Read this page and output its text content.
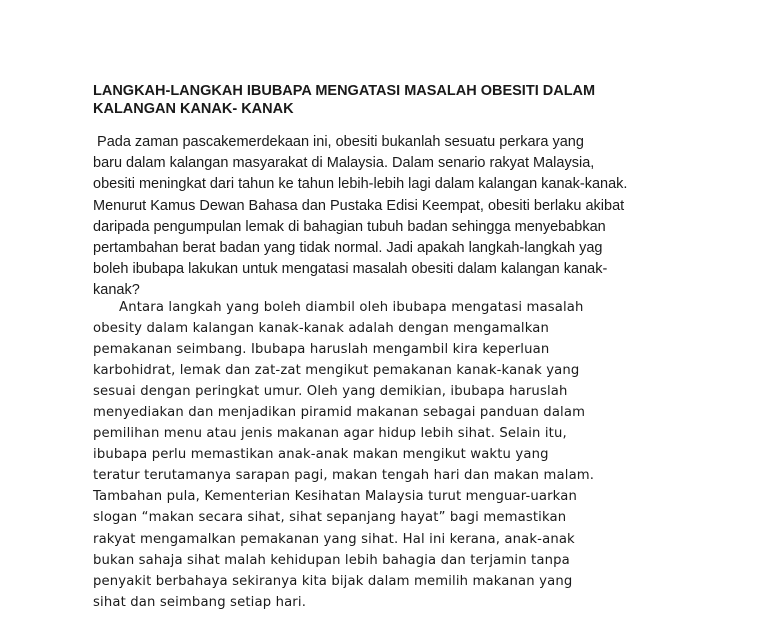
LANGKAH-LANGKAH IBUBAPA MENGATASI MASALAH OBESITI DALAM
KALANGAN KANAK- KANAK

Pada zaman pascakemerdekaan ini, obesiti bukanlah sesuatu perkara yang
baru dalam kalangan masyarakat di Malaysia. Dalam senario rakyat Malaysia,
obesiti meningkat dari tahun ke tahun lebih-lebih lagi dalam kalangan kanak-kanak.
Menurut Kamus Dewan Bahasa dan Pustaka Edisi Keempat, obesiti berlaku akibat
daripada pengumpulan lemak di bahagian tubuh badan sehingga menyebabkan
pertambahan berat badan yang tidak normal. Jadi apakah langkah-langkah yag
boleh ibubapa lakukan untuk mengatasi masalah obesiti dalam kalangan kanak-
kanak?

Antara langkah yang boleh diambil oleh ibubapa mengatasi masalah
obesity dalam kalangan kanak-kanak adalah dengan mengamalkan
pemakanan seimbang. Ibubapa haruslah mengambil kira keperluan
karbohidrat, lemak dan zat-zat mengikut pemakanan kanak-kanak yang
sesuai dengan peringkat umur. Oleh yang demikian, ibubapa haruslah
menyediakan dan menjadikan piramid makanan sebagai panduan dalam
pemilihan menu atau jenis makanan agar hidup lebih sihat. Selain itu,
ibubapa perlu memastikan anak-anak makan mengikut waktu yang
teratur terutamanya sarapan pagi, makan tengah hari dan makan malam.
Tambahan pula, Kementerian Kesihatan Malaysia turut menguar-uarkan
slogan “makan secara sihat, sihat sepanjang hayat” bagi memastikan
rakyat mengamalkan pemakanan yang sihat. Hal ini kerana, anak-anak
bukan sahaja sihat malah kehidupan lebih bahagia dan terjamin tanpa
penyakit berbahaya sekiranya kita bijak dalam memilih makanan yang
sihat dan seimbang setiap hari.
